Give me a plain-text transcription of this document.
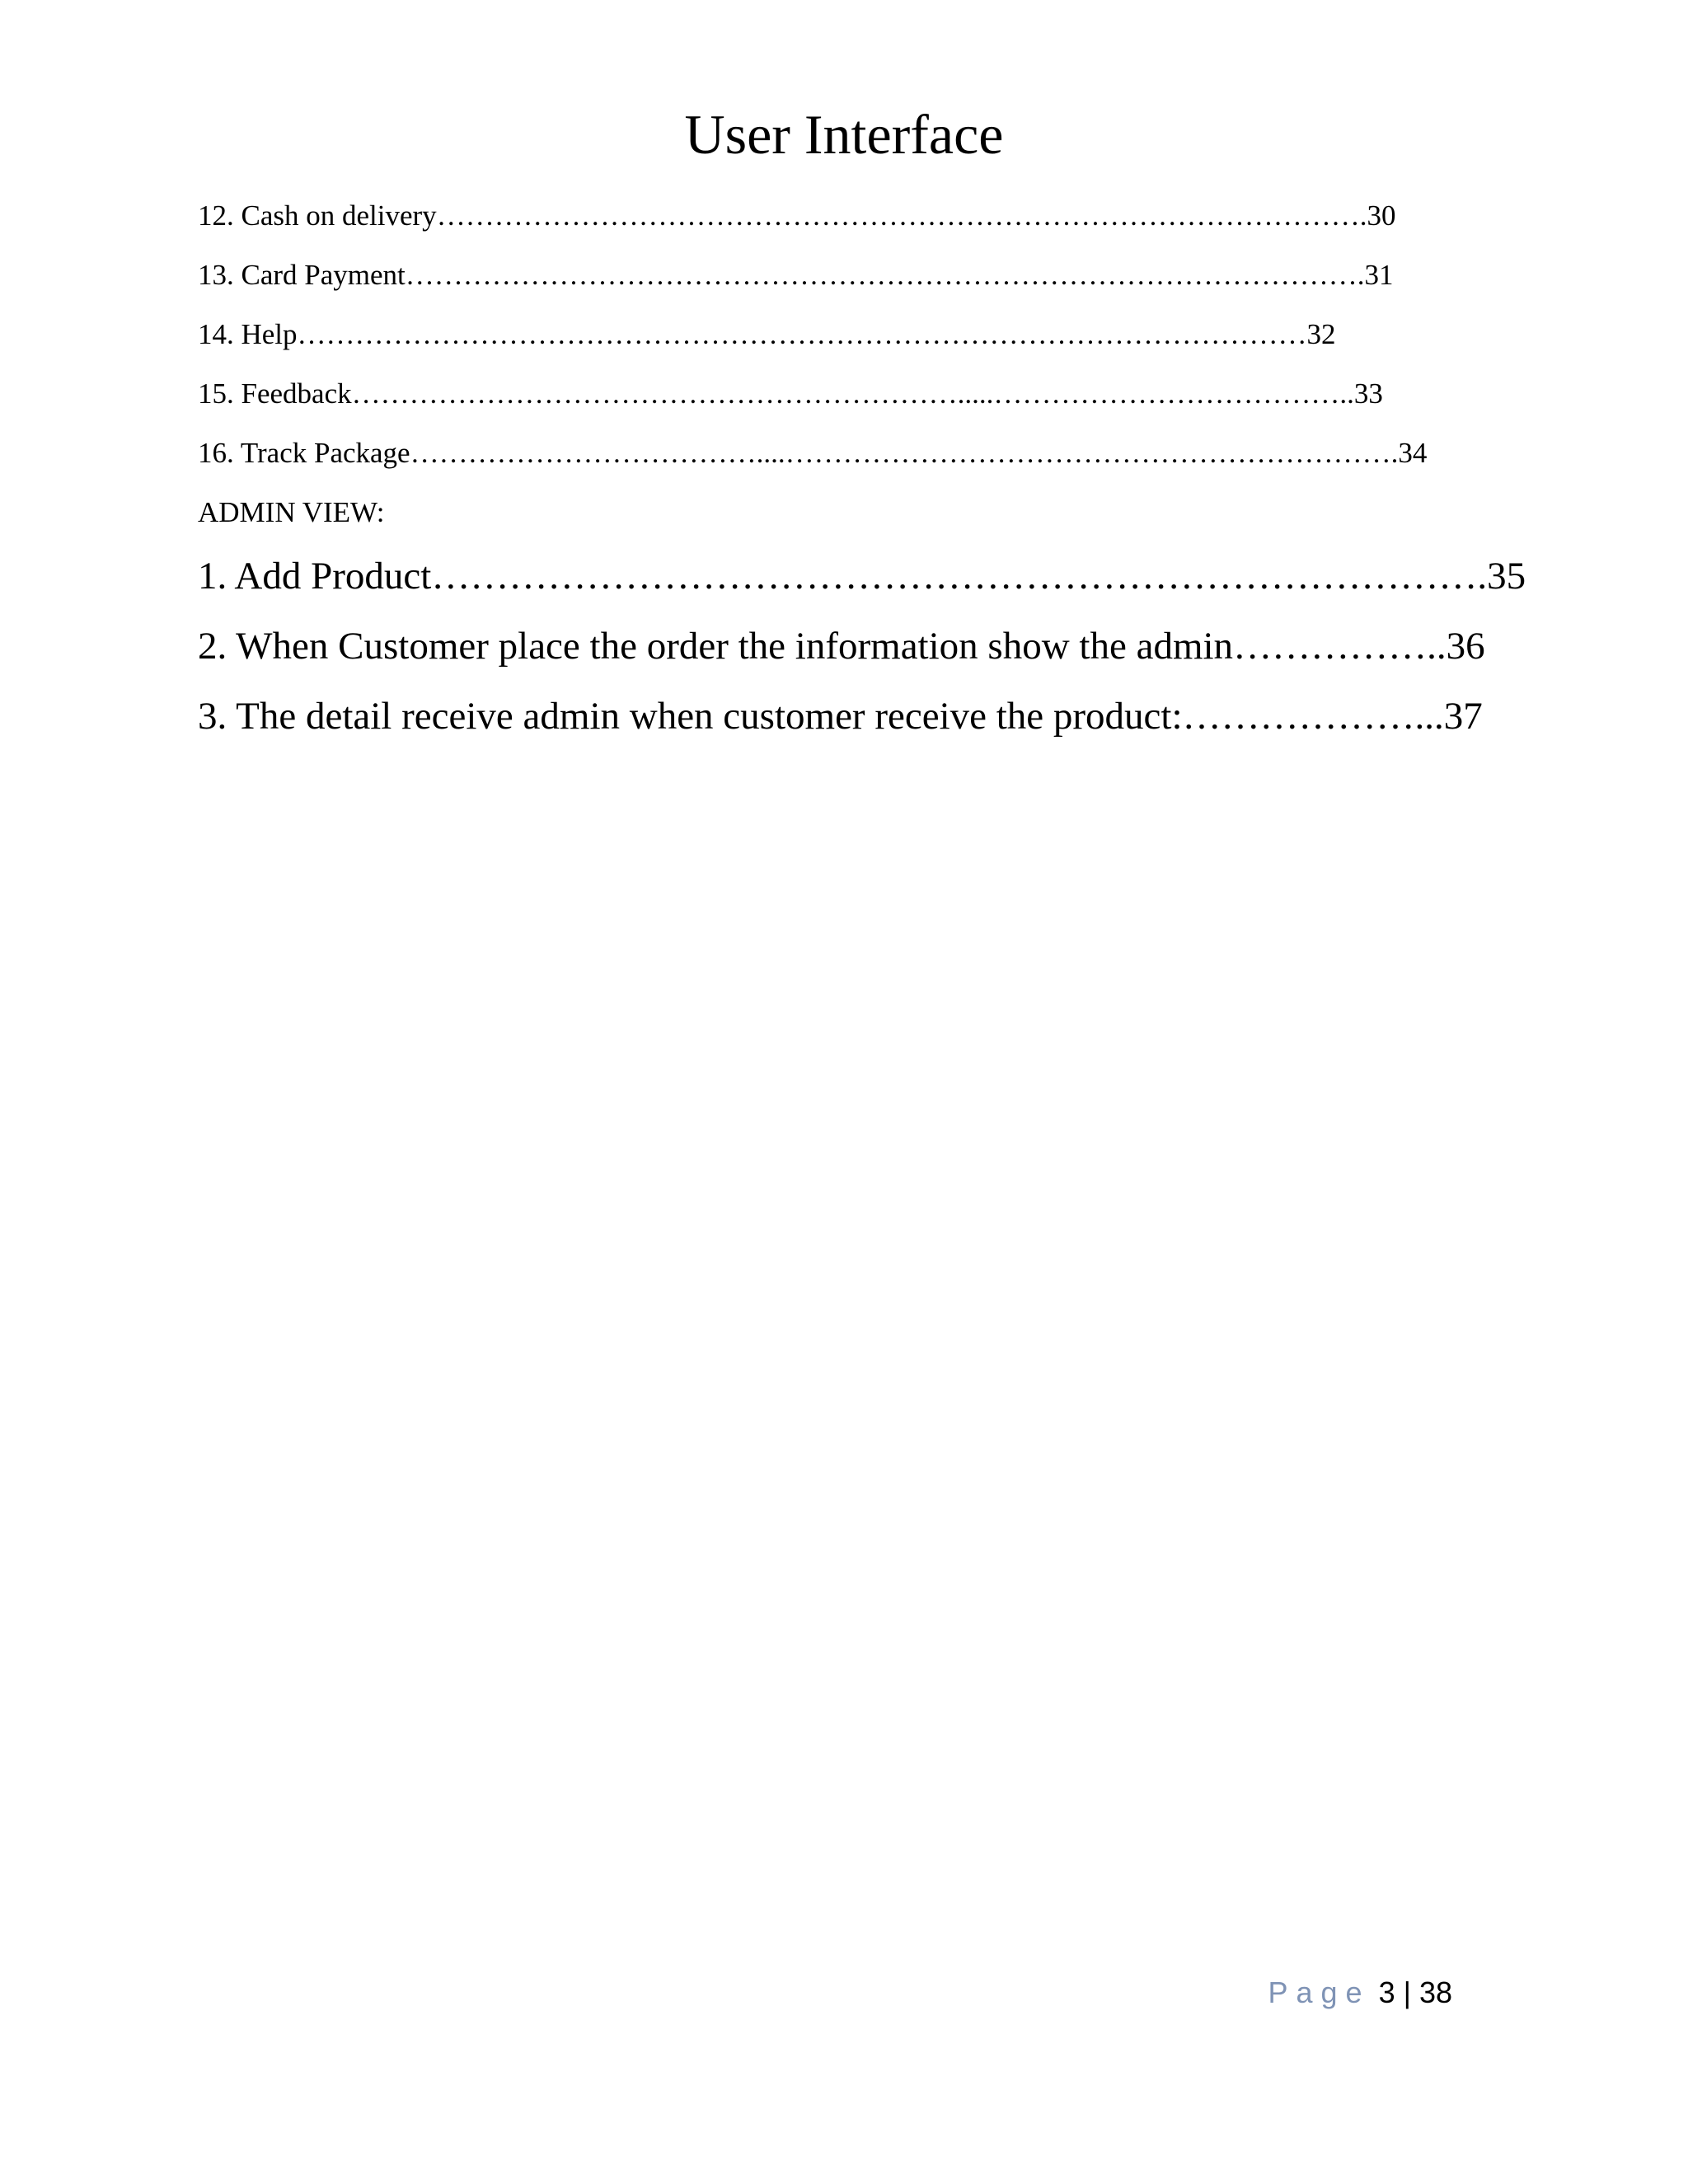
User Interface
12. Cash on delivery…………………………………………………………………………………….30
13. Card Payment……………………………………………………………………………………….31
14. Help……………………………………………………………………………………………32
15. Feedback……………………………………………………….....………………………………..33
16. Track Package………………………………....……………………………………………………….34
ADMIN VIEW:
1. Add Product……………………………………………………………………….35
2. When Customer place the order the information show the admin……………..36
3. The detail receive admin when customer receive the product:………………...37
Page 3 | 38
